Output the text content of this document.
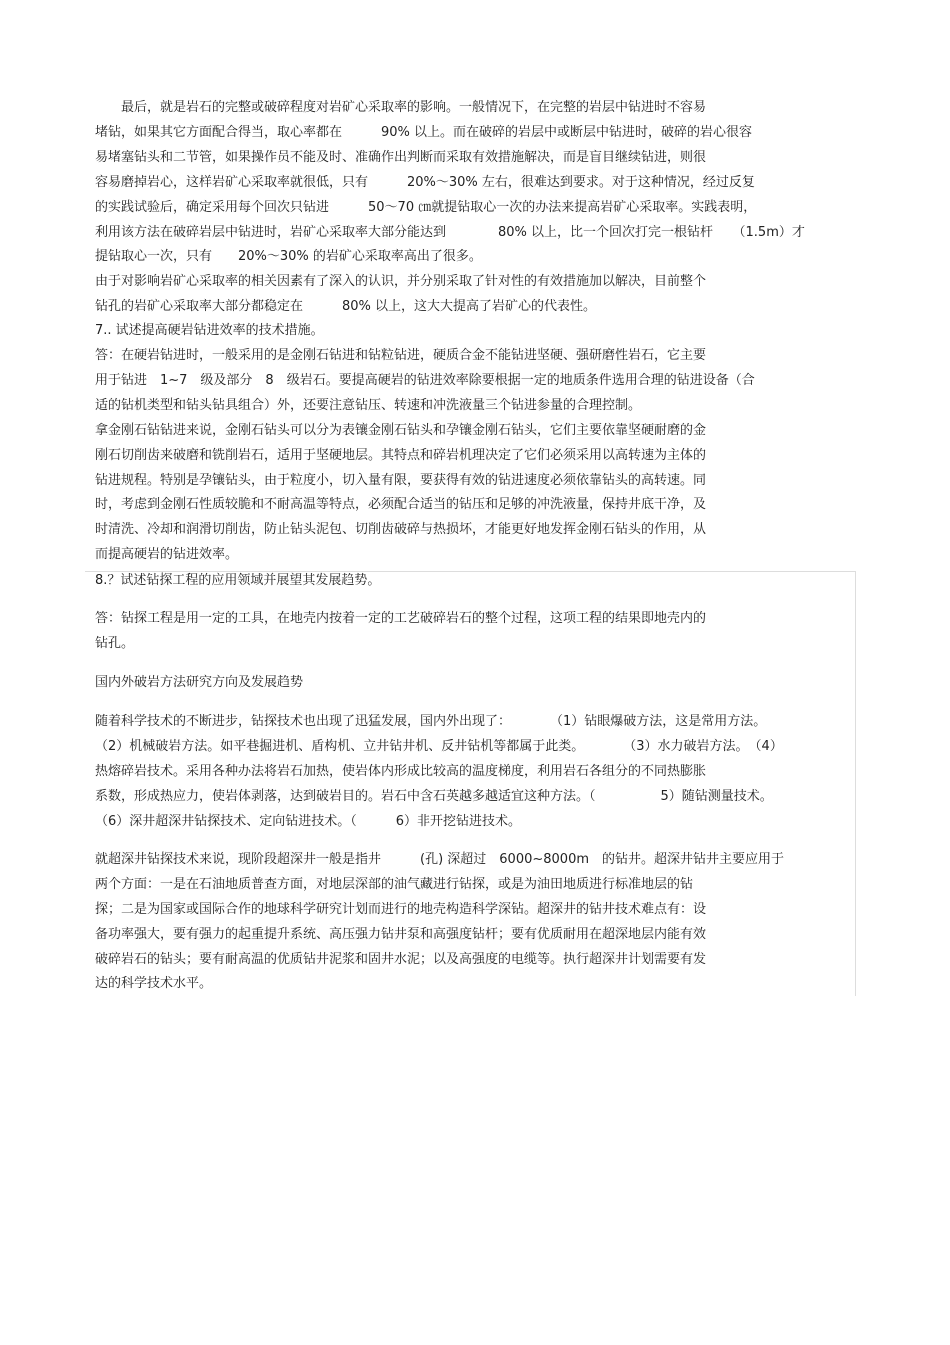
　　最后，就是岩石的完整或破碎程度对岩矿心采取率的影响。一般情况下，在完整的岩层中钻进时不容易
堵钻，如果其它方面配合得当，取心率都在　　　90% 以上。而在破碎的岩层中或断层中钻进时，破碎的岩心很容
易堵塞钻头和二节管，如果操作员不能及时、准确作出判断而采取有效措施解决，而是盲目继续钻进，则很
容易磨掉岩心，这样岩矿心采取率就很低，只有　　　20%～30% 左右，很难达到要求。对于这种情况，经过反复
的实践试验后，确定采用每个回次只钻进　　　50～70 ㎝就提钻取心一次的办法来提高岩矿心采取率。实践表明，
利用该方法在破碎岩层中钻进时，岩矿心采取率大部分能达到　　　　80% 以上，比一个回次打完一根钻杆　　（1.5m）才
提钻取心一次，只有　　20%～30% 的岩矿心采取率高出了很多。
由于对影响岩矿心采取率的相关因素有了深入的认识，并分别采取了针对性的有效措施加以解决，目前整个
钻孔的岩矿心采取率大部分都稳定在　　　80% 以上，这大大提高了岩矿心的代表性。
7.. 试述提高硬岩钻进效率的技术措施。
答：在硬岩钻进时，一般采用的是金刚石钻进和钻粒钻进，硬质合金不能钻进坚硬、强研磨性岩石，它主要
用于钻进　1~7　级及部分　8　级岩石。要提高硬岩的钻进效率除要根据一定的地质条件选用合理的钻进设备（合
适的钻机类型和钻头钻具组合）外，还要注意钻压、转速和冲洗液量三个钻进参量的合理控制。
拿金刚石钻钻进来说，金刚石钻头可以分为表镶金刚石钻头和孕镶金刚石钻头，它们主要依靠坚硬耐磨的金
刚石切削齿来破磨和铣削岩石，适用于坚硬地层。其特点和碎岩机理决定了它们必须采用以高转速为主体的
钻进规程。特别是孕镶钻头，由于粒度小，切入量有限，要获得有效的钻进速度必须依靠钻头的高转速。同
时，考虑到金刚石性质较脆和不耐高温等特点，必须配合适当的钻压和足够的冲洗液量，保持井底干净，及
时清洗、冷却和润滑切削齿，防止钻头泥包、切削齿破碎与热损坏，才能更好地发挥金刚石钻头的作用，从
而提高硬岩的钻进效率。
8.？试述钻探工程的应用领域并展望其发展趋势。
答：钻探工程是用一定的工具，在地壳内按着一定的工艺破碎岩石的整个过程，这项工程的结果即地壳内的
钻孔。
国内外破岩方法研究方向及发展趋势
随着科学技术的不断进步，钻探技术也出现了迅猛发展，国内外出现了：　　　　（1）钻眼爆破方法，这是常用方法。
（2）机械破岩方法。如平巷掘进机、盾构机、立井钻井机、反井钻机等都属于此类。　　　　（3）水力破岩方法。　（4）
热熔碎岩技术。采用各种办法将岩石加热，使岩体内形成比较高的温度梯度，利用岩石各组分的不同热膨胀
系数，形成热应力，使岩体剥落，达到破岩目的。岩石中含石英越多越适宜这种方法。（　　　　　5）随钻测量技术。
（6）深井超深井钻探技术、定向钻进技术。（　　　6）非开挖钻进技术。
就超深井钻探技术来说，现阶段超深井一般是指井　　　(孔) 深超过　6000~8000m　的钻井。超深井钻井主要应用于
两个方面：一是在石油地质普查方面，对地层深部的油气藏进行钻探，或是为油田地质进行标准地层的钻
探；二是为国家或国际合作的地球科学研究计划而进行的地壳构造科学深钻。超深井的钻井技术难点有：设
备功率强大，要有强力的起重提升系统、高压强力钻井泵和高强度钻杆；要有优质耐用在超深地层内能有效
破碎岩石的钻头；要有耐高温的优质钻井泥浆和固井水泥；以及高强度的电缆等。执行超深井计划需要有发
达的科学技术水平。
